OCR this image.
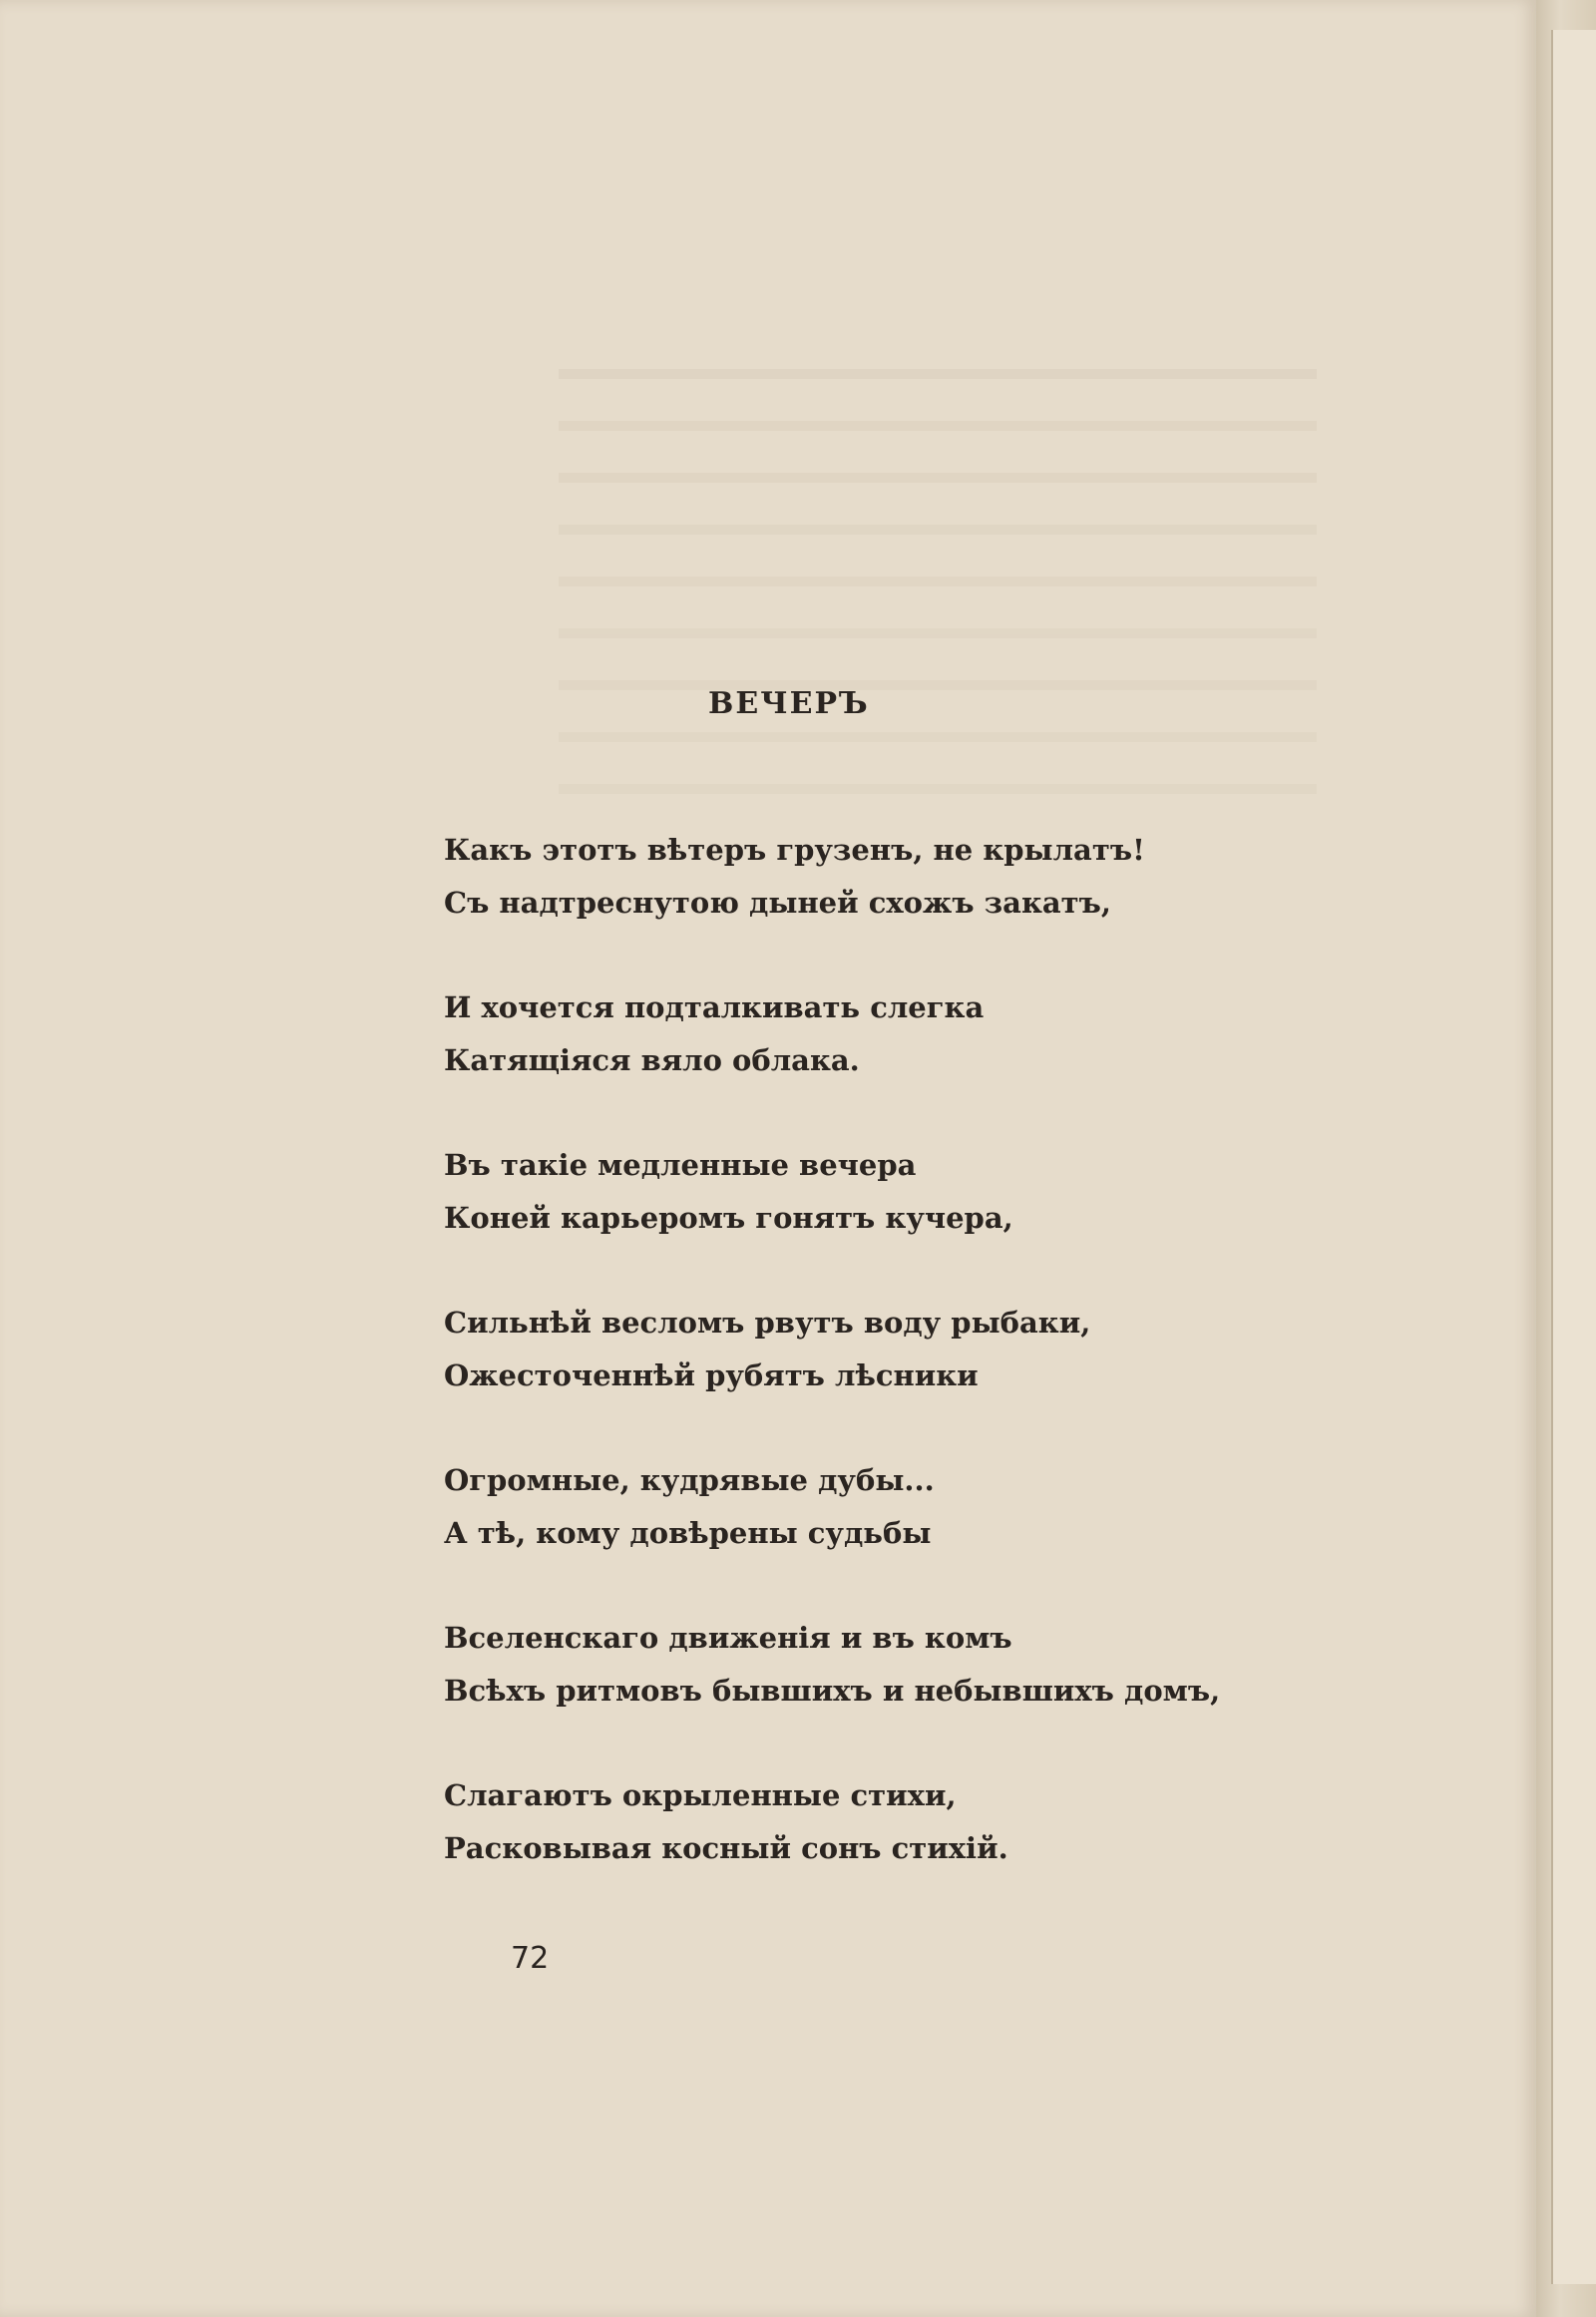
ВЕЧЕРЪ
Какъ этотъ вѣтеръ грузенъ, не крылатъ!
Съ надтреснутою дыней схожъ закатъ,
И хочется подталкивать слегка
Катящіяся вяло облака.
Въ такіе медленные вечера
Коней карьеромъ гонятъ кучера,
Сильнѣй весломъ рвутъ воду рыбаки,
Ожесточеннѣй рубятъ лѣсники
Огромные, кудрявые дубы...
А тѣ, кому довѣрены судьбы
Вселенскаго движенія и въ комъ
Всѣхъ ритмовъ бывшихъ и небывшихъ домъ,
Слагаютъ окрыленные стихи,
Расковывая косный сонъ стихій.
72
